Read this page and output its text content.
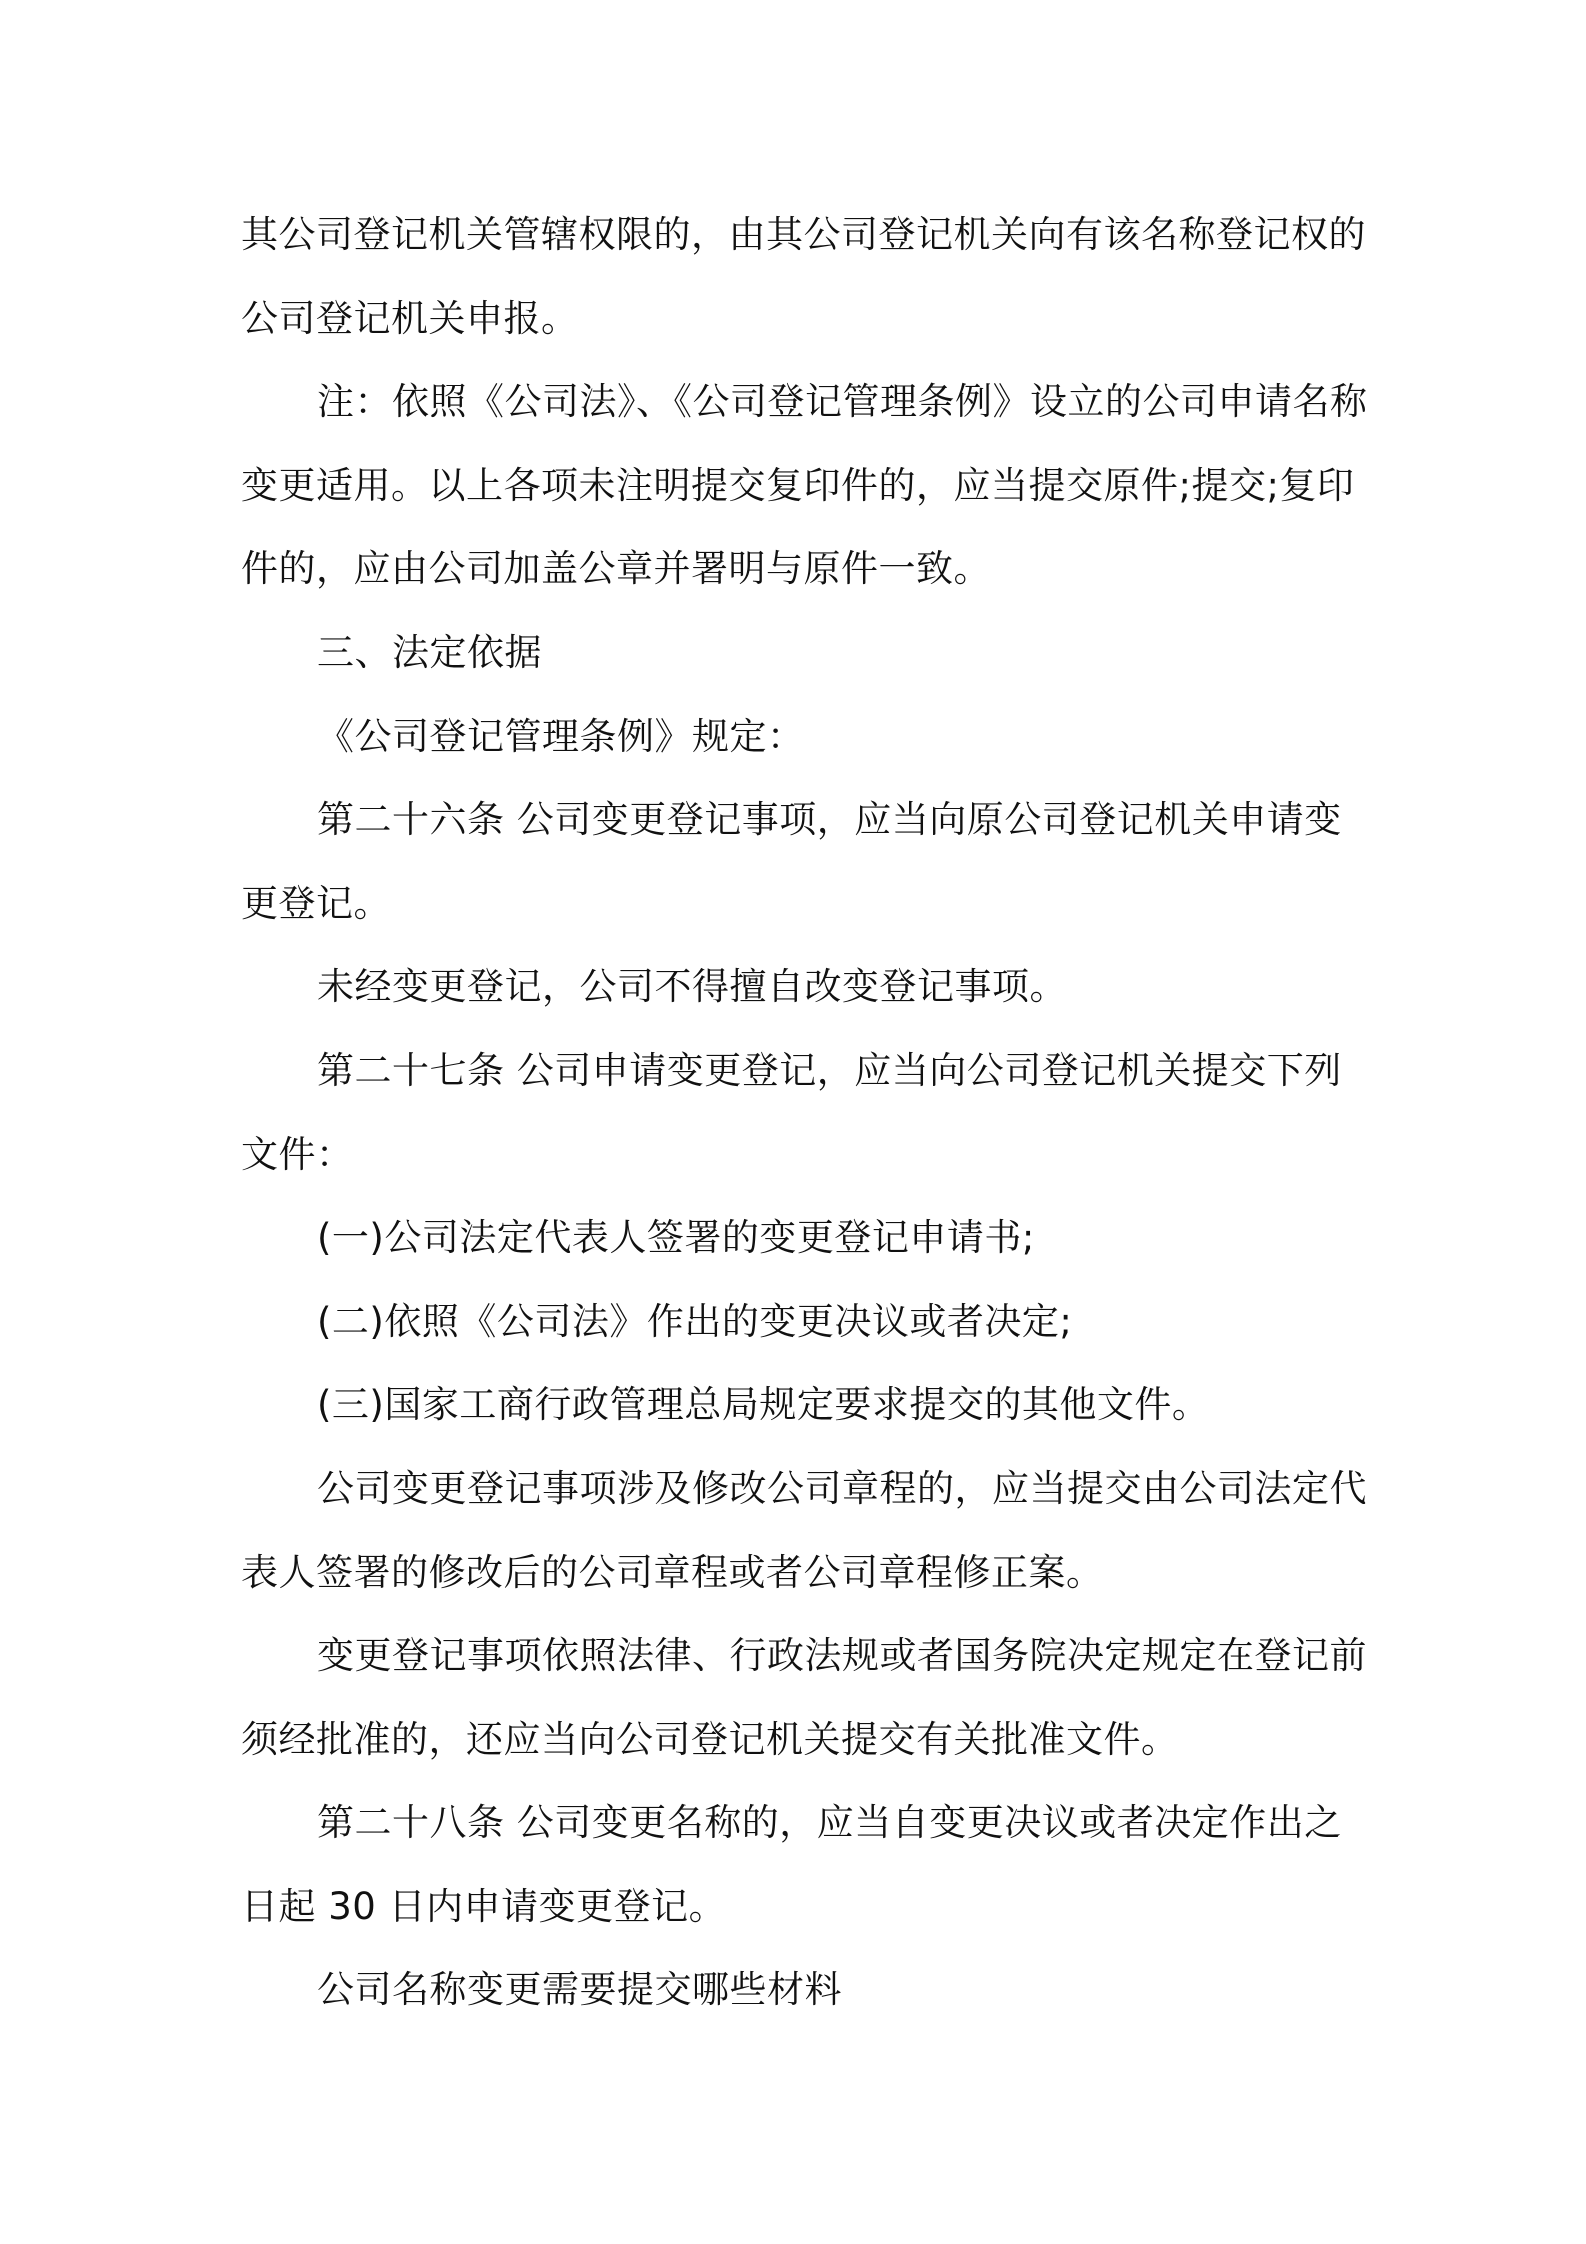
其公司登记机关管辖权限的，由其公司登记机关向有该名称登记权的

公司登记机关申报。

注：依照《公司法》、《公司登记管理条例》设立的公司申请名称

变更适用。以上各项未注明提交复印件的，应当提交原件;提交;复印

件的，应由公司加盖公章并署明与原件一致。

三、法定依据

《公司登记管理条例》规定：

第二十六条 公司变更登记事项，应当向原公司登记机关申请变

更登记。

未经变更登记，公司不得擅自改变登记事项。

第二十七条 公司申请变更登记，应当向公司登记机关提交下列

文件：

(一)公司法定代表人签署的变更登记申请书;

(二)依照《公司法》作出的变更决议或者决定;

(三)国家工商行政管理总局规定要求提交的其他文件。

公司变更登记事项涉及修改公司章程的，应当提交由公司法定代

表人签署的修改后的公司章程或者公司章程修正案。

变更登记事项依照法律、行政法规或者国务院决定规定在登记前

须经批准的，还应当向公司登记机关提交有关批准文件。

第二十八条 公司变更名称的，应当自变更决议或者决定作出之

日起 30 日内申请变更登记。

公司名称变更需要提交哪些材料
